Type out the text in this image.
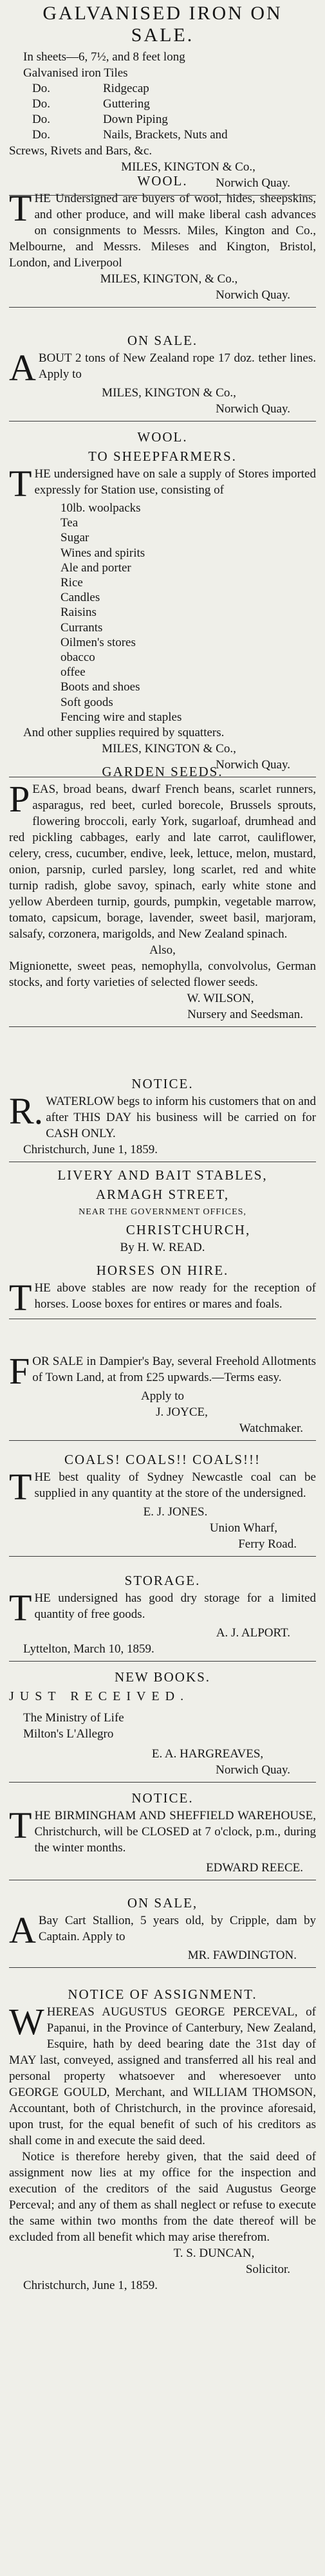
GALVANISED IRON ON SALE.
In sheets—6, 7½, and 8 feet long
Galvanised iron Tiles
Do.	Ridgecap
Do.	Guttering
Do.	Down Piping
Do.	Nails, Brackets, Nuts and
Screws, Rivets and Bars, &c.
MILES, KINGTON & Co.,
Norwich Quay.
WOOL.
THE Undersigned are buyers of wool, hides, sheepskins, and other produce, and will make liberal cash advances on consignments to Messrs. Miles, Kington and Co., Melbourne, and Messrs. Mileses and Kington, Bristol, London, and Liverpool
MILES, KINGTON, & Co.,
Norwich Quay.
ON SALE.
ABOUT 2 tons of New Zealand rope 17 doz. tether lines. Apply to
MILES, KINGTON & Co.,
Norwich Quay.
WOOL.
TO SHEEPFARMERS.
THE undersigned have on sale a supply of Stores imported expressly for Station use, consisting of
10lb. woolpacks
Tea
Sugar
Wines and spirits
Ale and porter
Rice
Candles
Raisins
Currants
Oilmen's stores
obacco
offee
Boots and shoes
Soft goods
Fencing wire and staples
And other supplies required by squatters.
MILES, KINGTON & Co.,
Norwich Quay.
GARDEN SEEDS.
PEAS, broad beans, dwarf French beans, scarlet runners, asparagus, red beet, curled borecole, Brussels sprouts, flowering broccoli, early York, sugarloaf, drumhead and red pickling cabbages, early and late carrot, cauliflower, celery, cress, cucumber, endive, leek, lettuce, melon, mustard, onion, parsnip, curled parsley, long scarlet, red and white turnip radish, globe savoy, spinach, early white stone and yellow Aberdeen turnip, gourds, pumpkin, vegetable marrow, tomato, capsicum, borage, lavender, sweet basil, marjoram, salsafy, corzonera, marigolds, and New Zealand spinach.
Also,
Mignionette, sweet peas, nemophylla, convolvolus, German stocks, and forty varieties of selected flower seeds.
W. WILSON,
Nursery and Seedsman.
NOTICE.
R. WATERLOW begs to inform his customers that on and after THIS DAY his business will be carried on for CASH ONLY.
Christchurch, June 1, 1859.
LIVERY AND BAIT STABLES,
ARMAGH STREET,
NEAR THE GOVERNMENT OFFICES,
CHRISTCHURCH,
By H. W. READ.
HORSES ON HIRE.
THE above stables are now ready for the reception of horses. Loose boxes for entires or mares and foals.
FOR SALE in Dampier's Bay, several Freehold Allotments of Town Land, at from £25 upwards.—Terms easy.
Apply to
J. JOYCE,
Watchmaker.
COALS! COALS!! COALS!!!
THE best quality of Sydney Newcastle coal can be supplied in any quantity at the store of the undersigned.
E. J. JONES.
Union Wharf,
Ferry Road.
STORAGE.
THE undersigned has good dry storage for a limited quantity of free goods.
A. J. ALPORT.
Lyttelton, March 10, 1859.
NEW BOOKS.
JUST RECEIVED.
The Ministry of Life
Milton's L'Allegro
E. A. HARGREAVES,
Norwich Quay.
NOTICE.
THE BIRMINGHAM AND SHEFFIELD WAREHOUSE, Christchurch, will be CLOSED at 7 o'clock, p.m., during the winter months.
EDWARD REECE.
ON SALE,
A Bay Cart Stallion, 5 years old, by Cripple, dam by Captain. Apply to
MR. FAWDINGTON.
NOTICE OF ASSIGNMENT.
WHEREAS AUGUSTUS GEORGE PERCEVAL, of Papanui, in the Province of Canterbury, New Zealand, Esquire, hath by deed bearing date the 31st day of MAY last, conveyed, assigned and transferred all his real and personal property whatsoever and wheresoever unto GEORGE GOULD, Merchant, and WILLIAM THOMSON, Accountant, both of Christchurch, in the province aforesaid, upon trust, for the equal benefit of such of his creditors as shall come in and execute the said deed.
Notice is therefore hereby given, that the said deed of assignment now lies at my office for the inspection and execution of the creditors of the said Augustus George Perceval; and any of them as shall neglect or refuse to execute the same within two months from the date thereof will be excluded from all benefit which may arise therefrom.
T. S. DUNCAN,
Solicitor.
Christchurch, June 1, 1859.
